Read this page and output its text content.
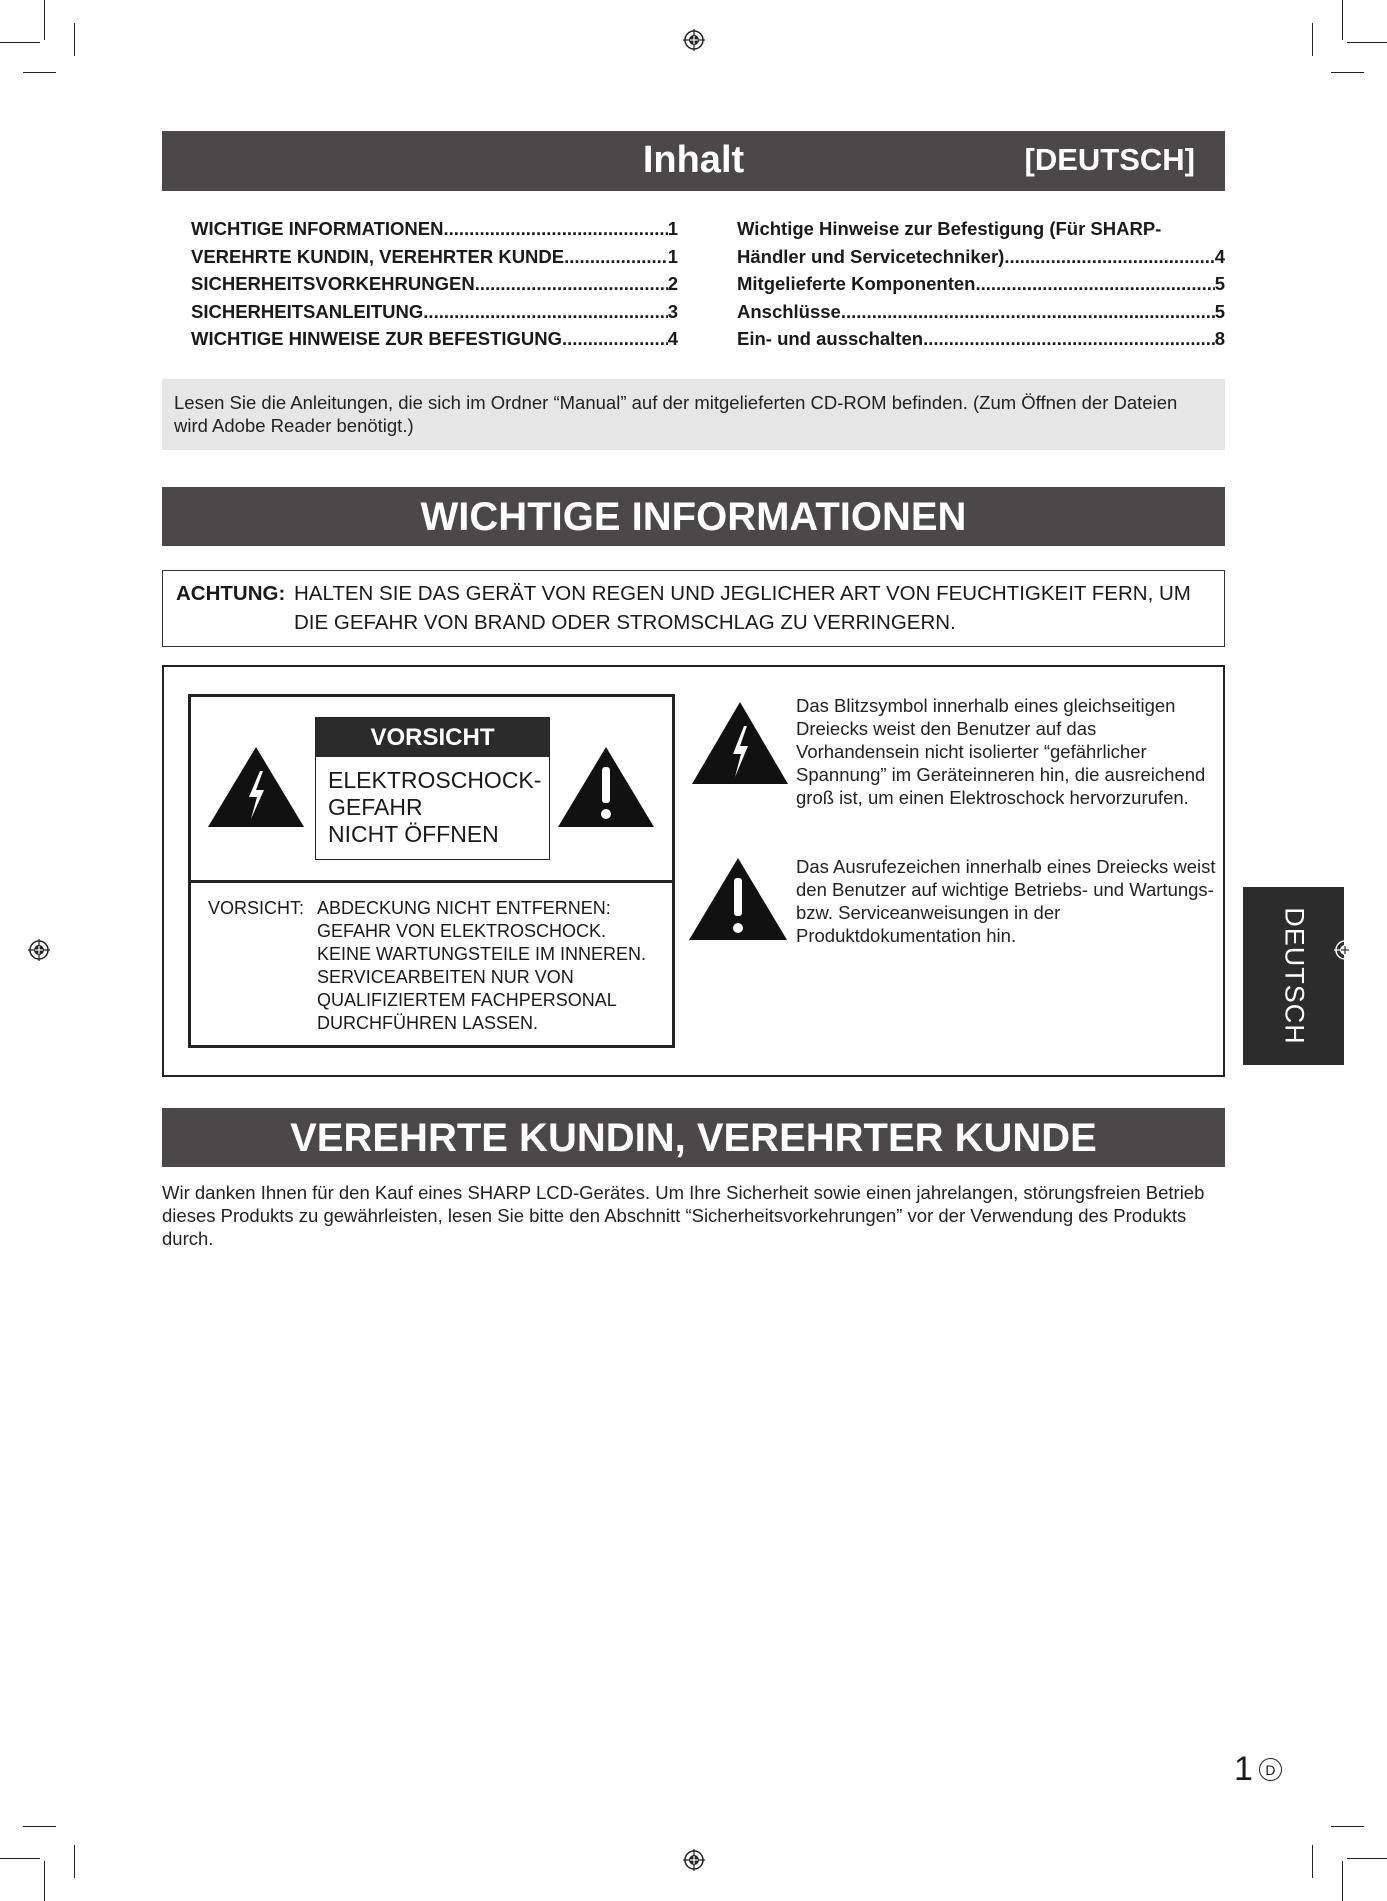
Inhalt	[DEUTSCH]
WICHTIGE INFORMATIONEN .....	1
VEREHRTE KUNDIN, VEREHRTER KUNDE .....	1
SICHERHEITSVORKEHRUNGEN .....	2
SICHERHEITSANLEITUNG .....	3
WICHTIGE HINWEISE ZUR BEFESTIGUNG .....	4
Wichtige Hinweise zur Befestigung (Für SHARP-
Händler und Servicetechniker) .....	4
Mitgelieferte Komponenten .....	5
Anschlüsse .....	5
Ein- und ausschalten .....	8
Lesen Sie die Anleitungen, die sich im Ordner “Manual” auf der mitgelieferten CD-ROM befinden. (Zum Öffnen der Dateien wird Adobe Reader benötigt.)
WICHTIGE INFORMATIONEN
ACHTUNG: HALTEN SIE DAS GERÄT VON REGEN UND JEGLICHER ART VON FEUCHTIGKEIT FERN, UM
DIE GEFAHR VON BRAND ODER STROMSCHLAG ZU VERRINGERN.
VORSICHT
ELEKTROSCHOCK-
GEFAHR
NICHT ÖFFNEN
VORSICHT: ABDECKUNG NICHT ENTFERNEN:
GEFAHR VON ELEKTROSCHOCK.
KEINE WARTUNGSTEILE IM INNEREN.
SERVICEARBEITEN NUR VON
QUALIFIZIERTEM FACHPERSONAL
DURCHFÜHREN LASSEN.
Das Blitzsymbol innerhalb eines gleichseitigen Dreiecks weist den Benutzer auf das Vorhandensein nicht isolierter “gefährlicher Spannung” im Geräteinneren hin, die ausreichend groß ist, um einen Elektroschock hervorzurufen.
Das Ausrufezeichen innerhalb eines Dreiecks weist den Benutzer auf wichtige Betriebs- und Wartungs- bzw. Serviceanweisungen in der Produktdokumentation hin.	DEUTSCH
VEREHRTE KUNDIN, VEREHRTER KUNDE
Wir danken Ihnen für den Kauf eines SHARP LCD-Gerätes. Um Ihre Sicherheit sowie einen jahrelangen, störungsfreien Betrieb dieses Produkts zu gewährleisten, lesen Sie bitte den Abschnitt “Sicherheitsvorkehrungen” vor der Verwendung des Produkts durch.
1 D
